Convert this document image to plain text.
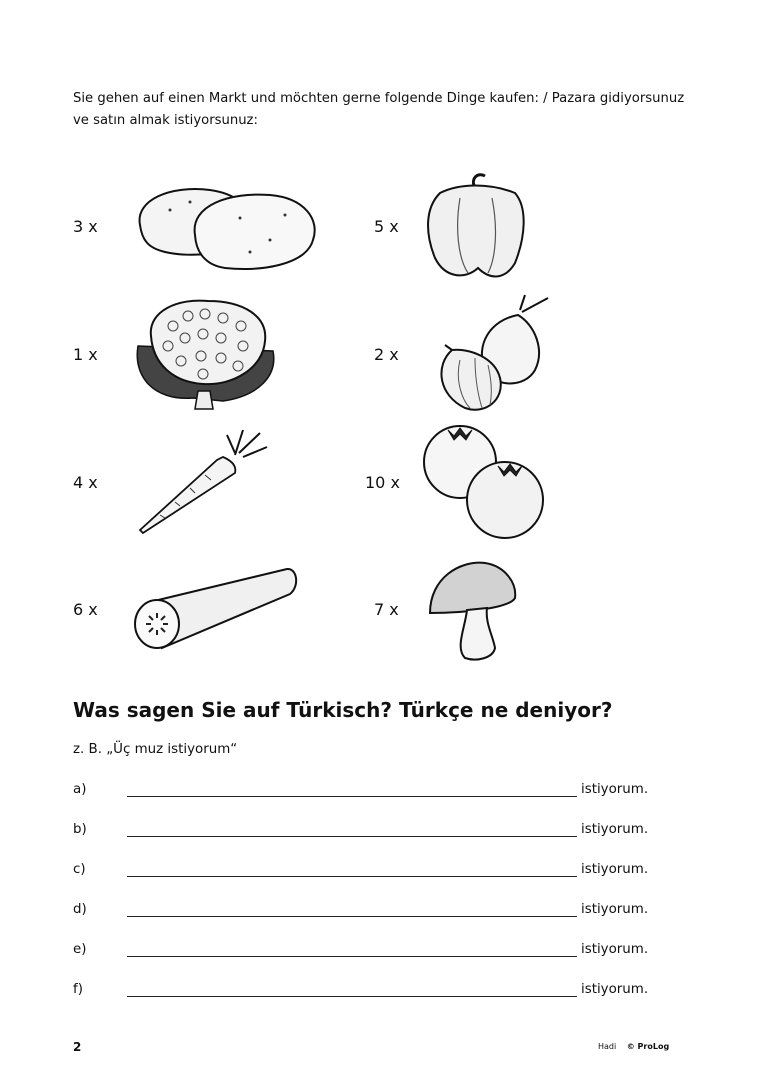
Sie gehen auf einen Markt und möchten gerne folgende Dinge kaufen: / Pazara gidiyorsunuz ve satın almak istiyorsunuz:
3 x	5 x
1 x	2 x
4 x	10 x
6 x	7 x
Was sagen Sie auf Türkisch? Türkçe ne deniyor?
z. B. „Üç muz istiyorum“
a)	istiyorum.
b)	istiyorum.
c)	istiyorum.
d)	istiyorum.
e)	istiyorum.
f)	istiyorum.
2	Hadi © ProLog
